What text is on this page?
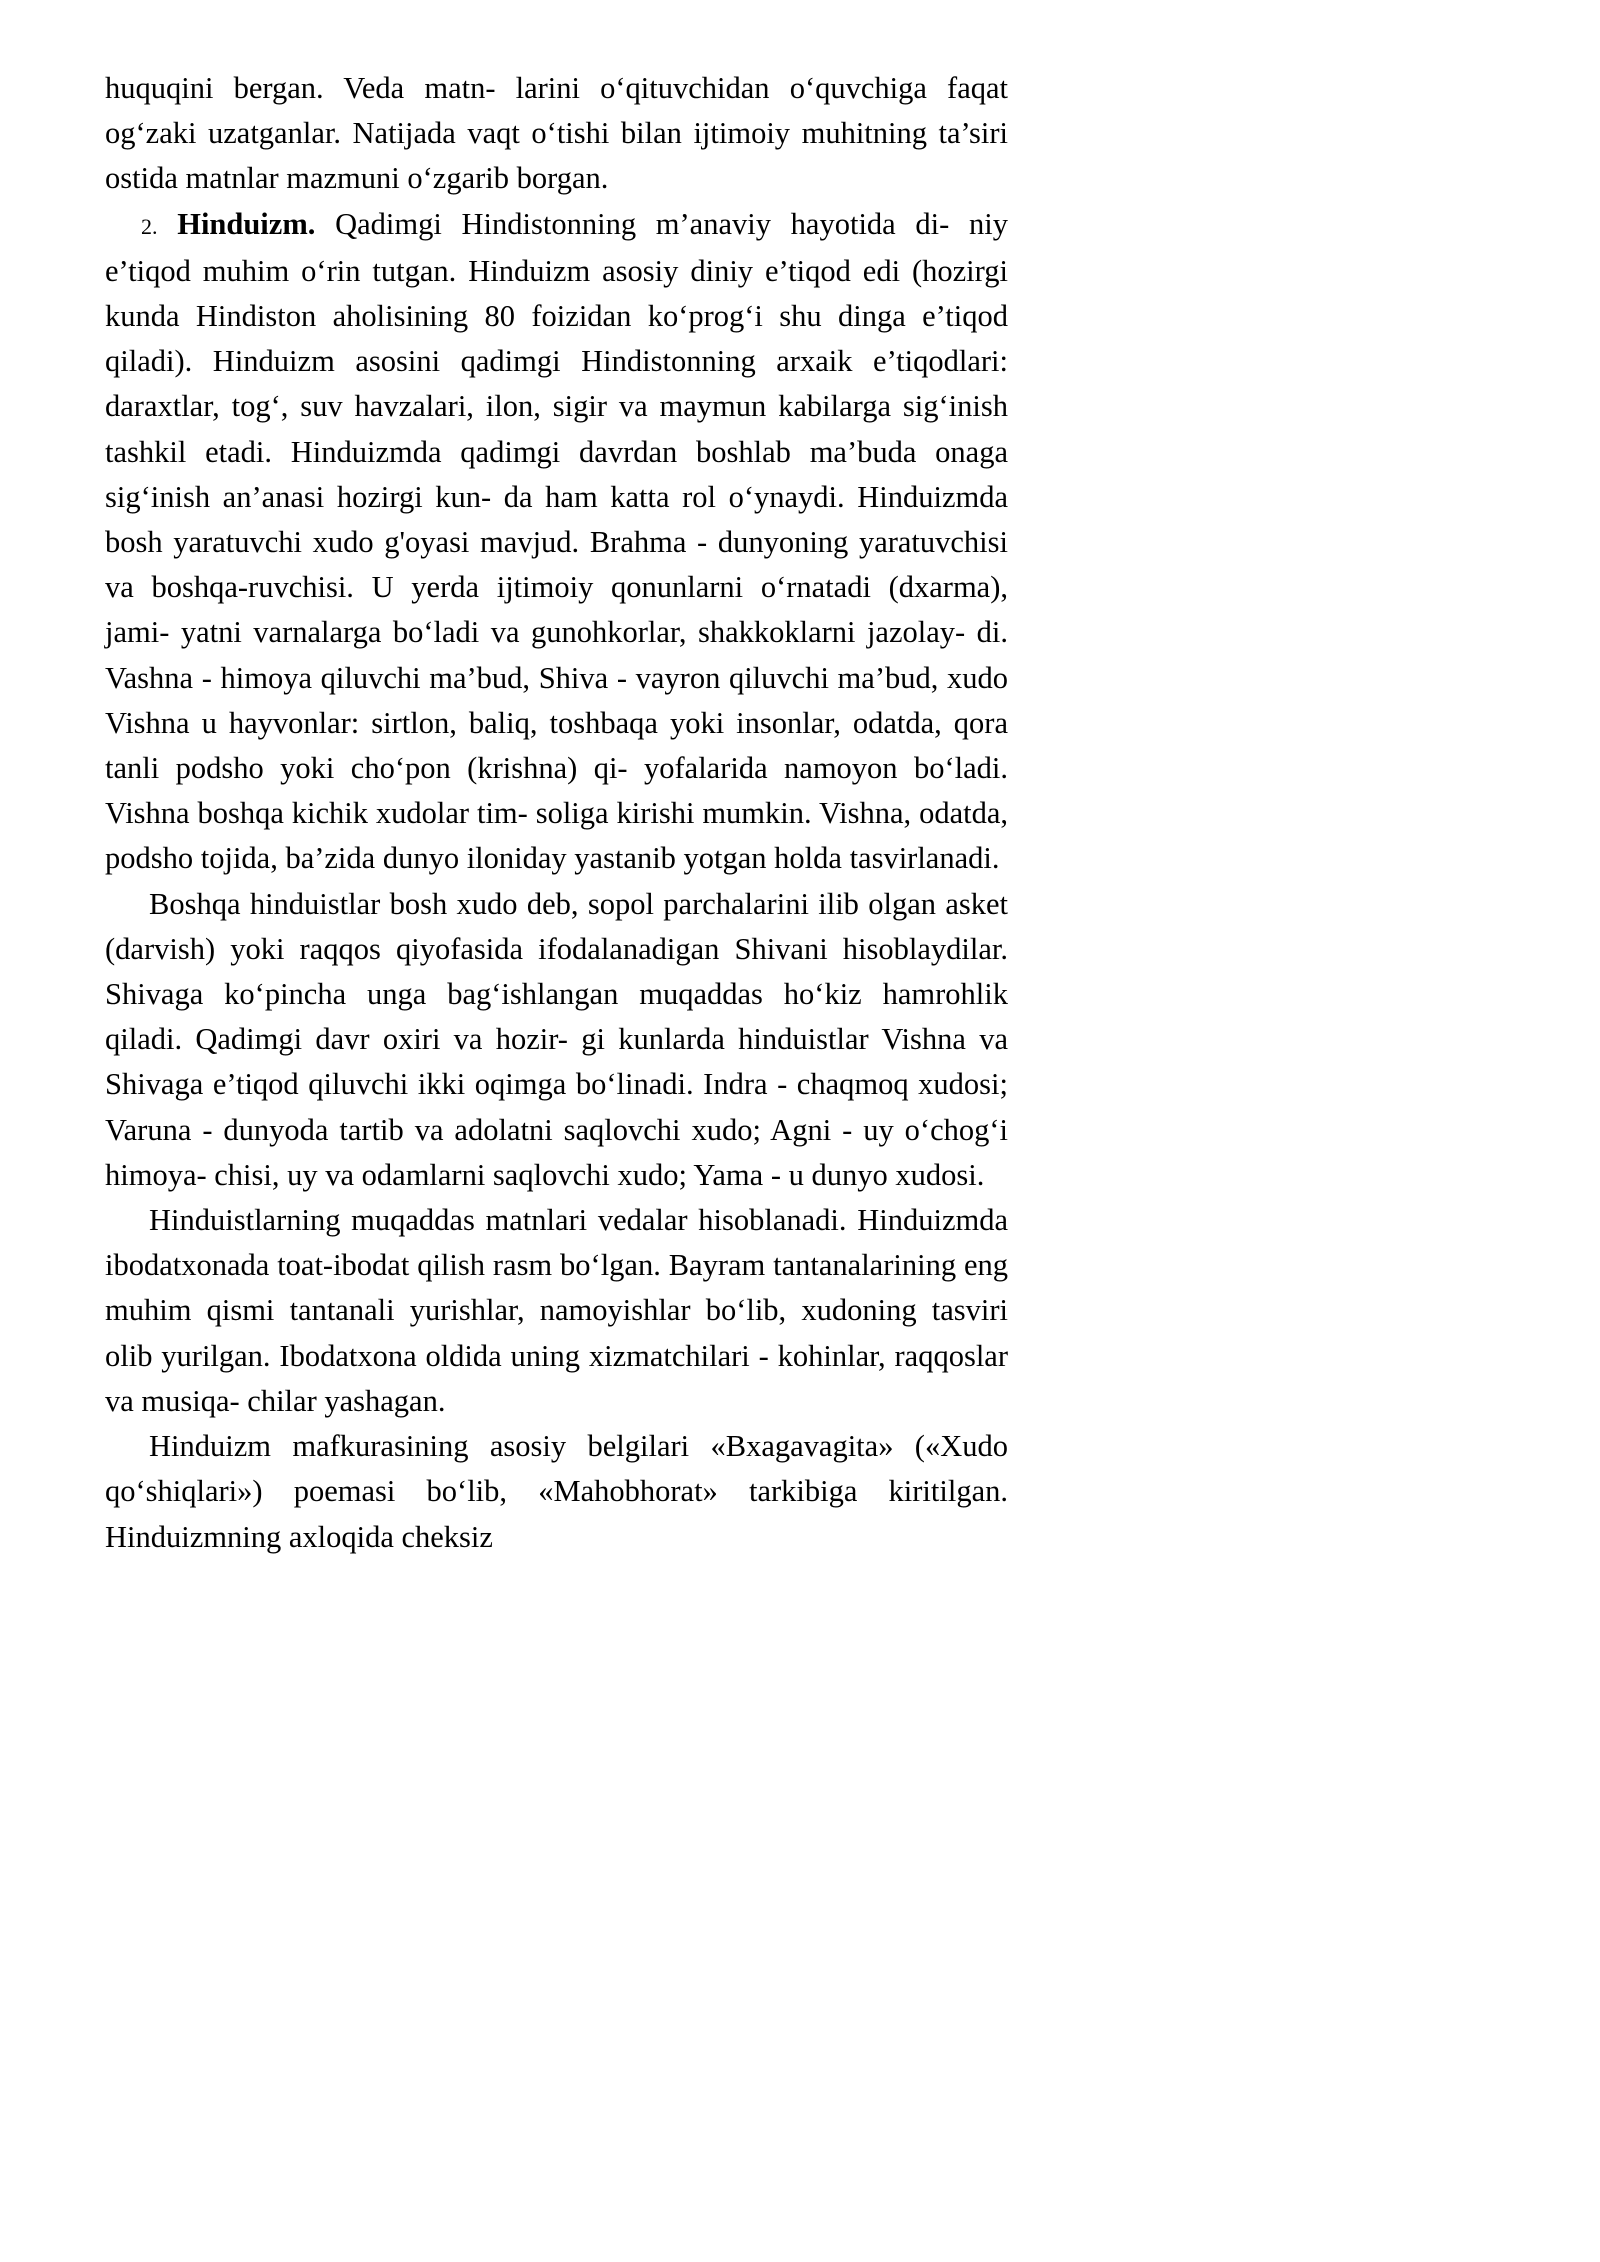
huquqini bergan. Veda matn- larini o‘qituvchidan o‘quvchiga faqat og‘zaki uzatganlar. Natijada vaqt o‘tishi bilan ijtimoiy muhitning ta’siri ostida matnlar mazmuni o‘zgarib borgan.

2. Hinduizm. Qadimgi Hindistonning m’anaviy hayotida di- niy e’tiqod muhim o‘rin tutgan. Hinduizm asosiy diniy e’tiqod edi (hozirgi kunda Hindiston aholisining 80 foizidan ko‘prog‘i shu dinga e’tiqod qiladi). Hinduizm asosini qadimgi Hindistonning arxaik e’tiqodlari: daraxtlar, tog‘, suv havzalari, ilon, sigir va maymun kabilarga sig‘inish tashkil etadi. Hinduizmda qadimgi davrdan boshlab ma’buda onaga sig‘inish an’anasi hozirgi kun- da ham katta rol o‘ynaydi. Hinduizmda bosh yaratuvchi xudo g'oyasi mavjud. Brahma - dunyoning yaratuvchisi va boshqa-ruvchisi. U yerda ijtimoiy qonunlarni o‘rnatadi (dxarma), jami- yatni varnalarga bo‘ladi va gunohkorlar, shakkoklarni jazolay- di. Vashna - himoya qiluvchi ma’bud, Shiva - vayron qiluvchi ma’bud, xudo Vishna u hayvonlar: sirtlon, baliq, toshbaqa yoki insonlar, odatda, qora tanli podsho yoki cho‘pon (krishna) qi- yofalarida namoyon bo‘ladi. Vishna boshqa kichik xudolar tim- soliga kirishi mumkin. Vishna, odatda, podsho tojida, ba’zida dunyo iloniday yastanib yotgan holda tasvirlanadi.

Boshqa hinduistlar bosh xudo deb, sopol parchalarini ilib olgan asket (darvish) yoki raqqos qiyofasida ifodalanadigan Shivani hisoblaydilar. Shivaga ko‘pincha unga bag‘ishlangan muqaddas ho‘kiz hamrohlik qiladi. Qadimgi davr oxiri va hozir- gi kunlarda hinduistlar Vishna va Shivaga e’tiqod qiluvchi ikki oqimga bo‘linadi. Indra - chaqmoq xudosi; Varuna - dunyoda tartib va adolatni saqlovchi xudo; Agni - uy o‘chog‘i himoya- chisi, uy va odamlarni saqlovchi xudo; Yama - u dunyo xudosi.

Hinduistlarning muqaddas matnlari vedalar hisoblanadi. Hinduizmda ibodatxonada toat-ibodat qilish rasm bo‘lgan. Bayram tantanalarining eng muhim qismi tantanali yurishlar, namoyishlar bo‘lib, xudoning tasviri olib yurilgan. Ibodatxona oldida uning xizmatchilari - kohinlar, raqqoslar va musiqa- chilar yashagan.

Hinduizm mafkurasining asosiy belgilari «Bxagavagita» («Xudo qo‘shiqlari») poemasi bo‘lib, «Mahobhorat» tarkibiga kiritilgan. Hinduizmning axloqida cheksiz
